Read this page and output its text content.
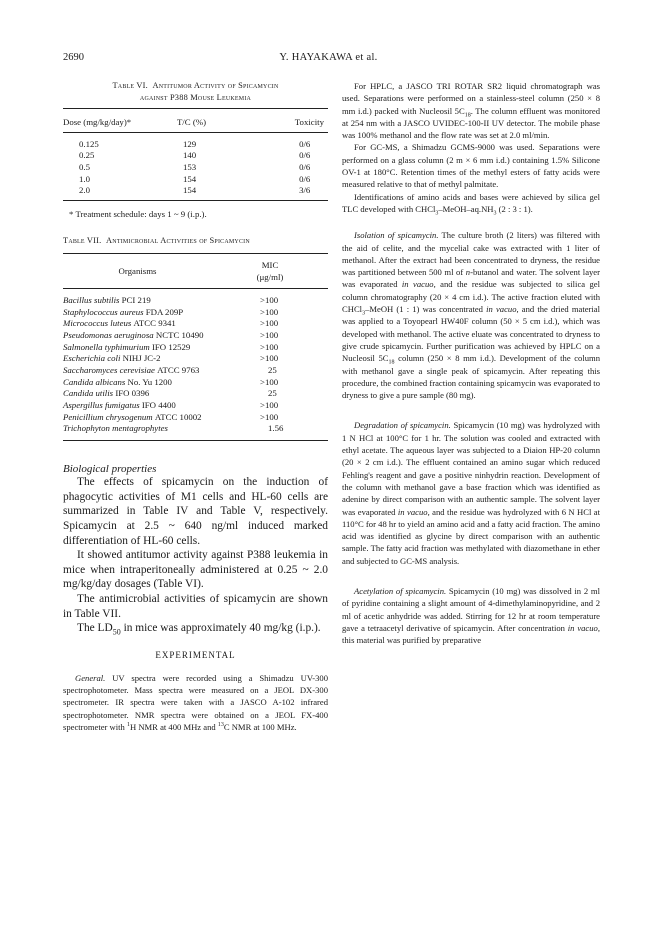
2690	Y. HAYAKAWA et al.
Table VI. Antitumor Activity of Spicamycin
against P388 Mouse Leukemia
Dose (mg/kg/day)*	T/C (%)	Toxicity

0.125	129	0/6
0.25	140	0/6
0.5	153	0/6
1.0	154	0/6
2.0	154	3/6

* Treatment schedule: days 1 ~ 9 (i.p.).
Table VII. Antimicrobial Activities of Spicamycin
Organisms	MIC
(μg/ml)

Bacillus subtilis PCI 219	>100
Staphylococcus aureus FDA 209P	>100
Micrococcus luteus ATCC 9341	>100
Pseudomonas aeruginosa NCTC 10490	>100
Salmonella typhimurium IFO 12529	>100
Escherichia coli NIHJ JC-2	>100
Saccharomyces cerevisiae ATCC 9763	25
Candida albicans No. Yu 1200	>100
Candida utilis IFO 0396	25
Aspergillus fumigatus IFO 4400	>100
Penicillium chrysogenum ATCC 10002	>100
Trichophyton mentagrophytes	1.56

Biological properties

The effects of spicamycin on the induction of phagocytic activities of M1 cells and HL-60 cells are summarized in Table IV and Table V, respectively. Spicamycin at 2.5 ~ 640 ng/ml induced marked differentiation of HL-60 cells.

It showed antitumor activity against P388 leukemia in mice when intraperitoneally administered at 0.25 ~ 2.0 mg/kg/day dosages (Table VI).

The antimicrobial activities of spicamycin are shown in Table VII.

The $LD_{50}$ in mice was approximately 40 mg/kg (i.p.).

EXPERIMENTAL

General. UV spectra were recorded using a Shimadzu UV-300 spectrophotometer. Mass spectra were measured on a JEOL DX-300 spectrometer. IR spectra were taken with a JASCO A-102 infrared spectrophotometer. NMR spectra were obtained on a JEOL FX-400 spectrometer with $^1$H NMR at 400 MHz and $^{13}$C NMR at 100 MHz.

For HPLC, a JASCO TRI ROTAR SR2 liquid chromatograph was used. Separations were performed on a stainless-steel column (250 × 8 mm i.d.) packed with Nucleosil $5C_{18}$. The column effluent was monitored at 254 nm with a JASCO UVIDEC-100-II UV detector. The mobile phase was 100% methanol and the flow rate was set at 2.0 ml/min.

For GC-MS, a Shimadzu GCMS-9000 was used. Separations were performed on a glass column (2 m × 6 mm i.d.) containing 1.5% Silicone OV-1 at 180°C. Retention times of the methyl esters of fatty acids were measured relative to that of methyl palmitate.

Identifications of amino acids and bases were achieved by silica gel TLC developed with $CHCl_3-MeOH-aq.NH_3$ (2 : 3 : 1).

Isolation of spicamycin. The culture broth (2 liters) was filtered with the aid of celite, and the mycelial cake was extracted with 1 liter of methanol. After the extract had been concentrated to dryness, the residue was partitioned between 500 ml of n-butanol and water. The solvent layer was evaporated in vacuo, and the residue was subjected to silica gel column chromatography (20 × 4 cm i.d.). The active fraction eluted with CHCl$_3$–MeOH (1 : 1) was concentrated in vacuo, and the dried material was applied to a Toyopearl HW40F column (50 × 5 cm i.d.), which was developed with methanol. The active eluate was concentrated to dryness to give crude spicamycin. Further purification was achieved by HPLC on a Nucleosil $5C_{18}$ column (250 × 8 mm i.d.). Development of the column with methanol gave a single peak of spicamycin. After repeating this procedure, the combined fraction containing spicamycin was evaporated to dryness to give a pure sample (80 mg).

Degradation of spicamycin. Spicamycin (10 mg) was hydrolyzed with 1 N HCl at 100°C for 1 hr. The solution was cooled and extracted with ethyl acetate. The aqueous layer was subjected to a Diaion HP-20 column (20 × 2 cm i.d.). The effluent contained an amino sugar which reduced Fehling's reagent and gave a positive ninhydrin reaction. Development of the column with methanol gave a base fraction which was identified as adenine by direct comparison with an authentic sample. The solvent layer was evaporated in vacuo, and the residue was hydrolyzed with 6 N HCl at 110°C for 48 hr to yield an amino acid and a fatty acid fraction. The amino acid was identified as glycine by direct comparison with an authentic sample. The fatty acid fraction was methylated with diazomethane in ether and subjected to GC-MS analysis.

Acetylation of spicamycin. Spicamycin (10 mg) was dissolved in 2 ml of pyridine containing a slight amount of 4-dimethylaminopyridine, and 2 ml of acetic anhydride was added. Stirring for 12 hr at room temperature gave a tetraacetyl derivative of spicamycin. After concentration in vacuo, this material was purified by preparative
